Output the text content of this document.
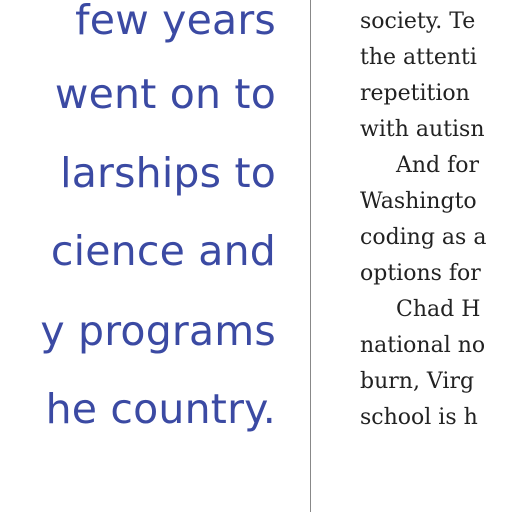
few years
went on to
larships to
cience and
y programs
he country.
society. Te
the attenti
repetition
with autisn
And for
Washingto
coding as a
options for
Chad H
national no
burn, Virg
school is h
